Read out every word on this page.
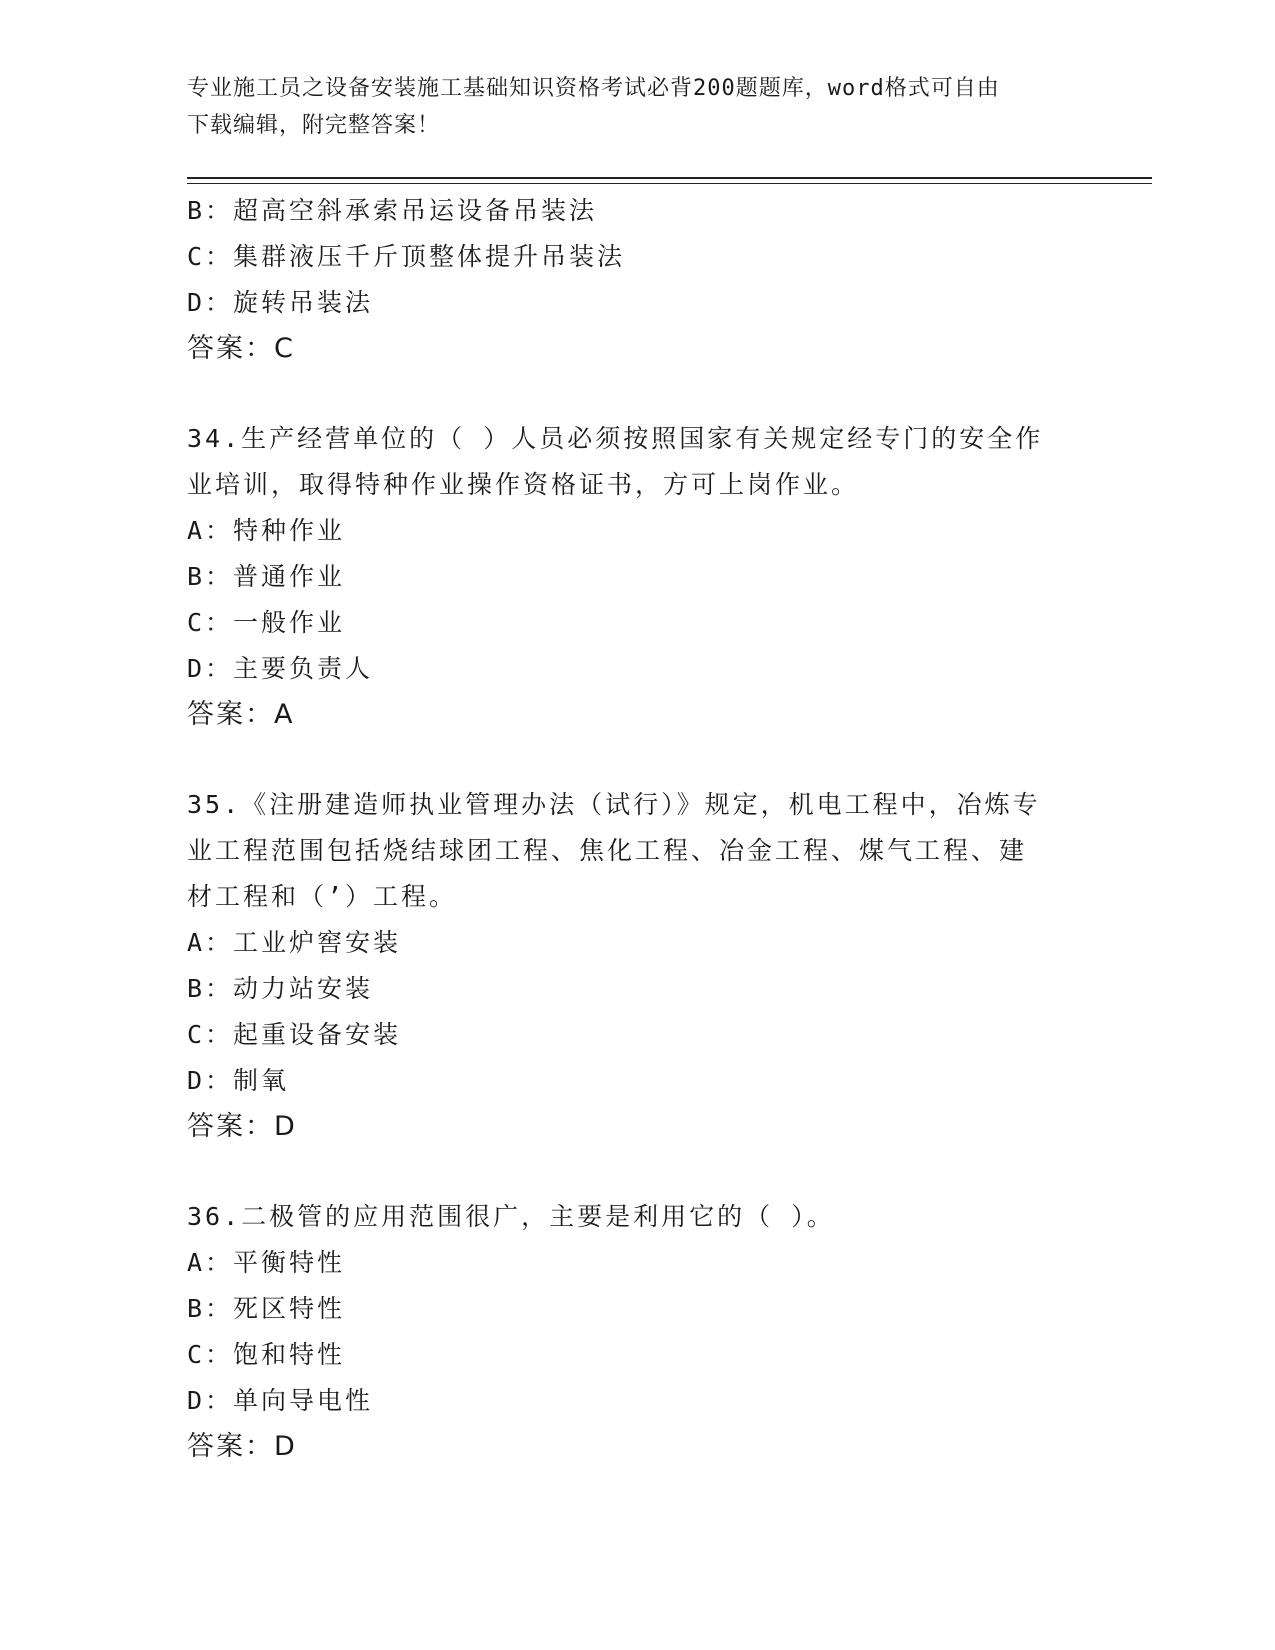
专业施工员之设备安装施工基础知识资格考试必背200题题库，word格式可自由
下载编辑，附完整答案！
B：超高空斜承索吊运设备吊装法
C：集群液压千斤顶整体提升吊装法
D：旋转吊装法
答案：C
34.生产经营单位的（ ）人员必须按照国家有关规定经专门的安全作
业培训，取得特种作业操作资格证书，方可上岗作业。
A：特种作业
B：普通作业
C：一般作业
D：主要负责人
答案：A
35.《注册建造师执业管理办法（试行）》规定，机电工程中，冶炼专
业工程范围包括烧结球团工程、焦化工程、冶金工程、煤气工程、建
材工程和（’）工程。
A：工业炉窖安装
B：动力站安装
C：起重设备安装
D：制氧
答案：D
36.二极管的应用范围很广，主要是利用它的（ ）。
A：平衡特性
B：死区特性
C：饱和特性
D：单向导电性
答案：D
